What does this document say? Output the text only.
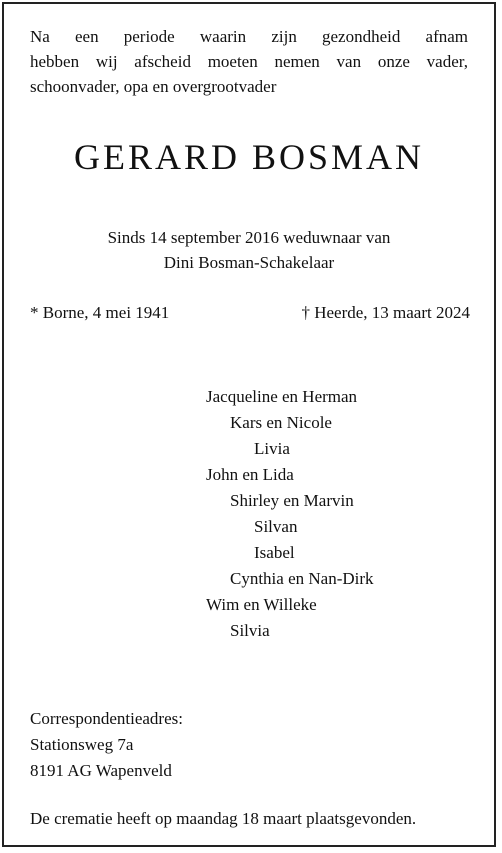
Na een periode waarin zijn gezondheid afnam
hebben wij afscheid moeten nemen van onze vader,
schoonvader, opa en overgrootvader
GERARD BOSMAN
Sinds 14 september 2016 weduwnaar van
Dini Bosman-Schakelaar
* Borne, 4 mei 1941	† Heerde, 13 maart 2024
Jacqueline en Herman
Kars en Nicole
Livia
John en Lida
Shirley en Marvin
Silvan
Isabel
Cynthia en Nan-Dirk
Wim en Willeke
Silvia
Correspondentieadres:
Stationsweg 7a
8191 AG Wapenveld
De crematie heeft op maandag 18 maart plaatsgevonden.
